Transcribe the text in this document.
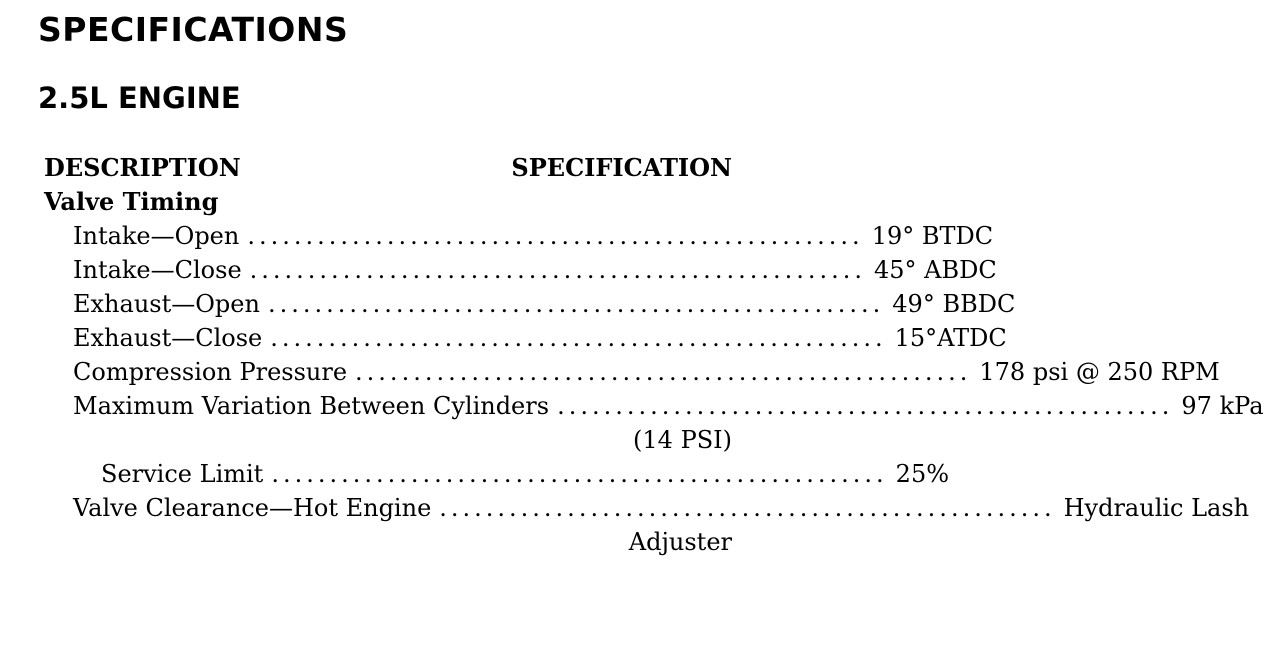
SPECIFICATIONS
2.5L ENGINE
DESCRIPTION	SPECIFICATION
Valve Timing
Intake—Open ..................................................... 19° BTDC
Intake—Close ..................................................... 45° ABDC
Exhaust—Open ..................................................... 49° BBDC
Exhaust—Close ..................................................... 15°ATDC
Compression Pressure ..................................................... 178 psi @ 250 RPM
Maximum Variation Between Cylinders ..................................................... 97 kPa
(14 PSI)
Service Limit ..................................................... 25%
Valve Clearance—Hot Engine ..................................................... Hydraulic Lash
Adjuster
